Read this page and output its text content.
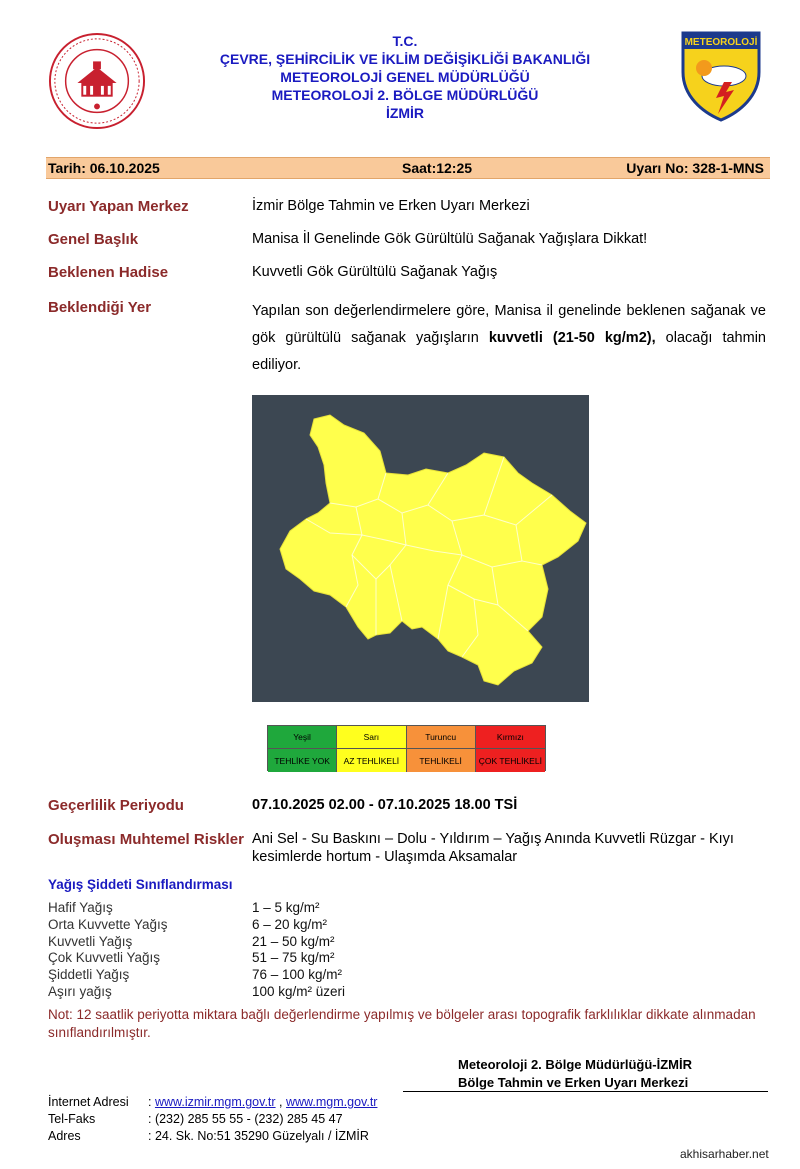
T.C.
ÇEVRE, ŞEHİRCİLİK VE İKLİM DEĞİŞİKLİĞİ BAKANLIĞI
METEOROLOJİ GENEL MÜDÜRLÜĞÜ
METEOROLOJİ 2. BÖLGE MÜDÜRLÜĞÜ
İZMİR
METEOROLOJİ
Tarih: 06.10.2025	Saat:12:25	Uyarı No: 328-1-MNS
Uyarı Yapan Merkez	İzmir Bölge Tahmin ve Erken Uyarı Merkezi
Genel Başlık	Manisa İl Genelinde Gök Gürültülü Sağanak Yağışlara Dikkat!
Beklenen Hadise	Kuvvetli Gök Gürültülü Sağanak Yağış
Beklendiği Yer	Yapılan son değerlendirmelere göre, Manisa il genelinde beklenen sağanak ve gök gürültülü sağanak yağışların kuvvetli (21-50 kg/m2), olacağı tahmin ediliyor.
Yeşil	Sarı	Turuncu	Kırmızı
TEHLİKE YOK	AZ TEHLİKELİ	TEHLİKELİ	ÇOK TEHLİKELİ
Geçerlilik Periyodu	07.10.2025 02.00 - 07.10.2025 18.00 TSİ
Oluşması Muhtemel Riskler Ani Sel - Su Baskını – Dolu - Yıldırım – Yağış Anında Kuvvetli Rüzgar - Kıyı kesimlerde hortum - Ulaşımda Aksamalar
Yağış Şiddeti Sınıflandırması
Hafif Yağış	1 – 5 kg/m²
Orta Kuvvette Yağış	6 – 20 kg/m²
Kuvvetli Yağış	21 – 50 kg/m²
Çok Kuvvetli Yağış	51 – 75 kg/m²
Şiddetli Yağış	76 – 100 kg/m²
Aşırı yağış	100 kg/m² üzeri
Not: 12 saatlik periyotta miktara bağlı değerlendirme yapılmış ve bölgeler arası topografik farklılıklar dikkate alınmadan sınıflandırılmıştır.
Meteoroloji 2. Bölge Müdürlüğü-İZMİR
Bölge Tahmin ve Erken Uyarı Merkezi
İnternet Adresi : www.izmir.mgm.gov.tr , www.mgm.gov.tr
Tel-Faks	: (232) 285 55 55 - (232) 285 45 47
Adres	: 24. Sk. No:51 35290 Güzelyalı / İZMİR
akhisarhaber.net
